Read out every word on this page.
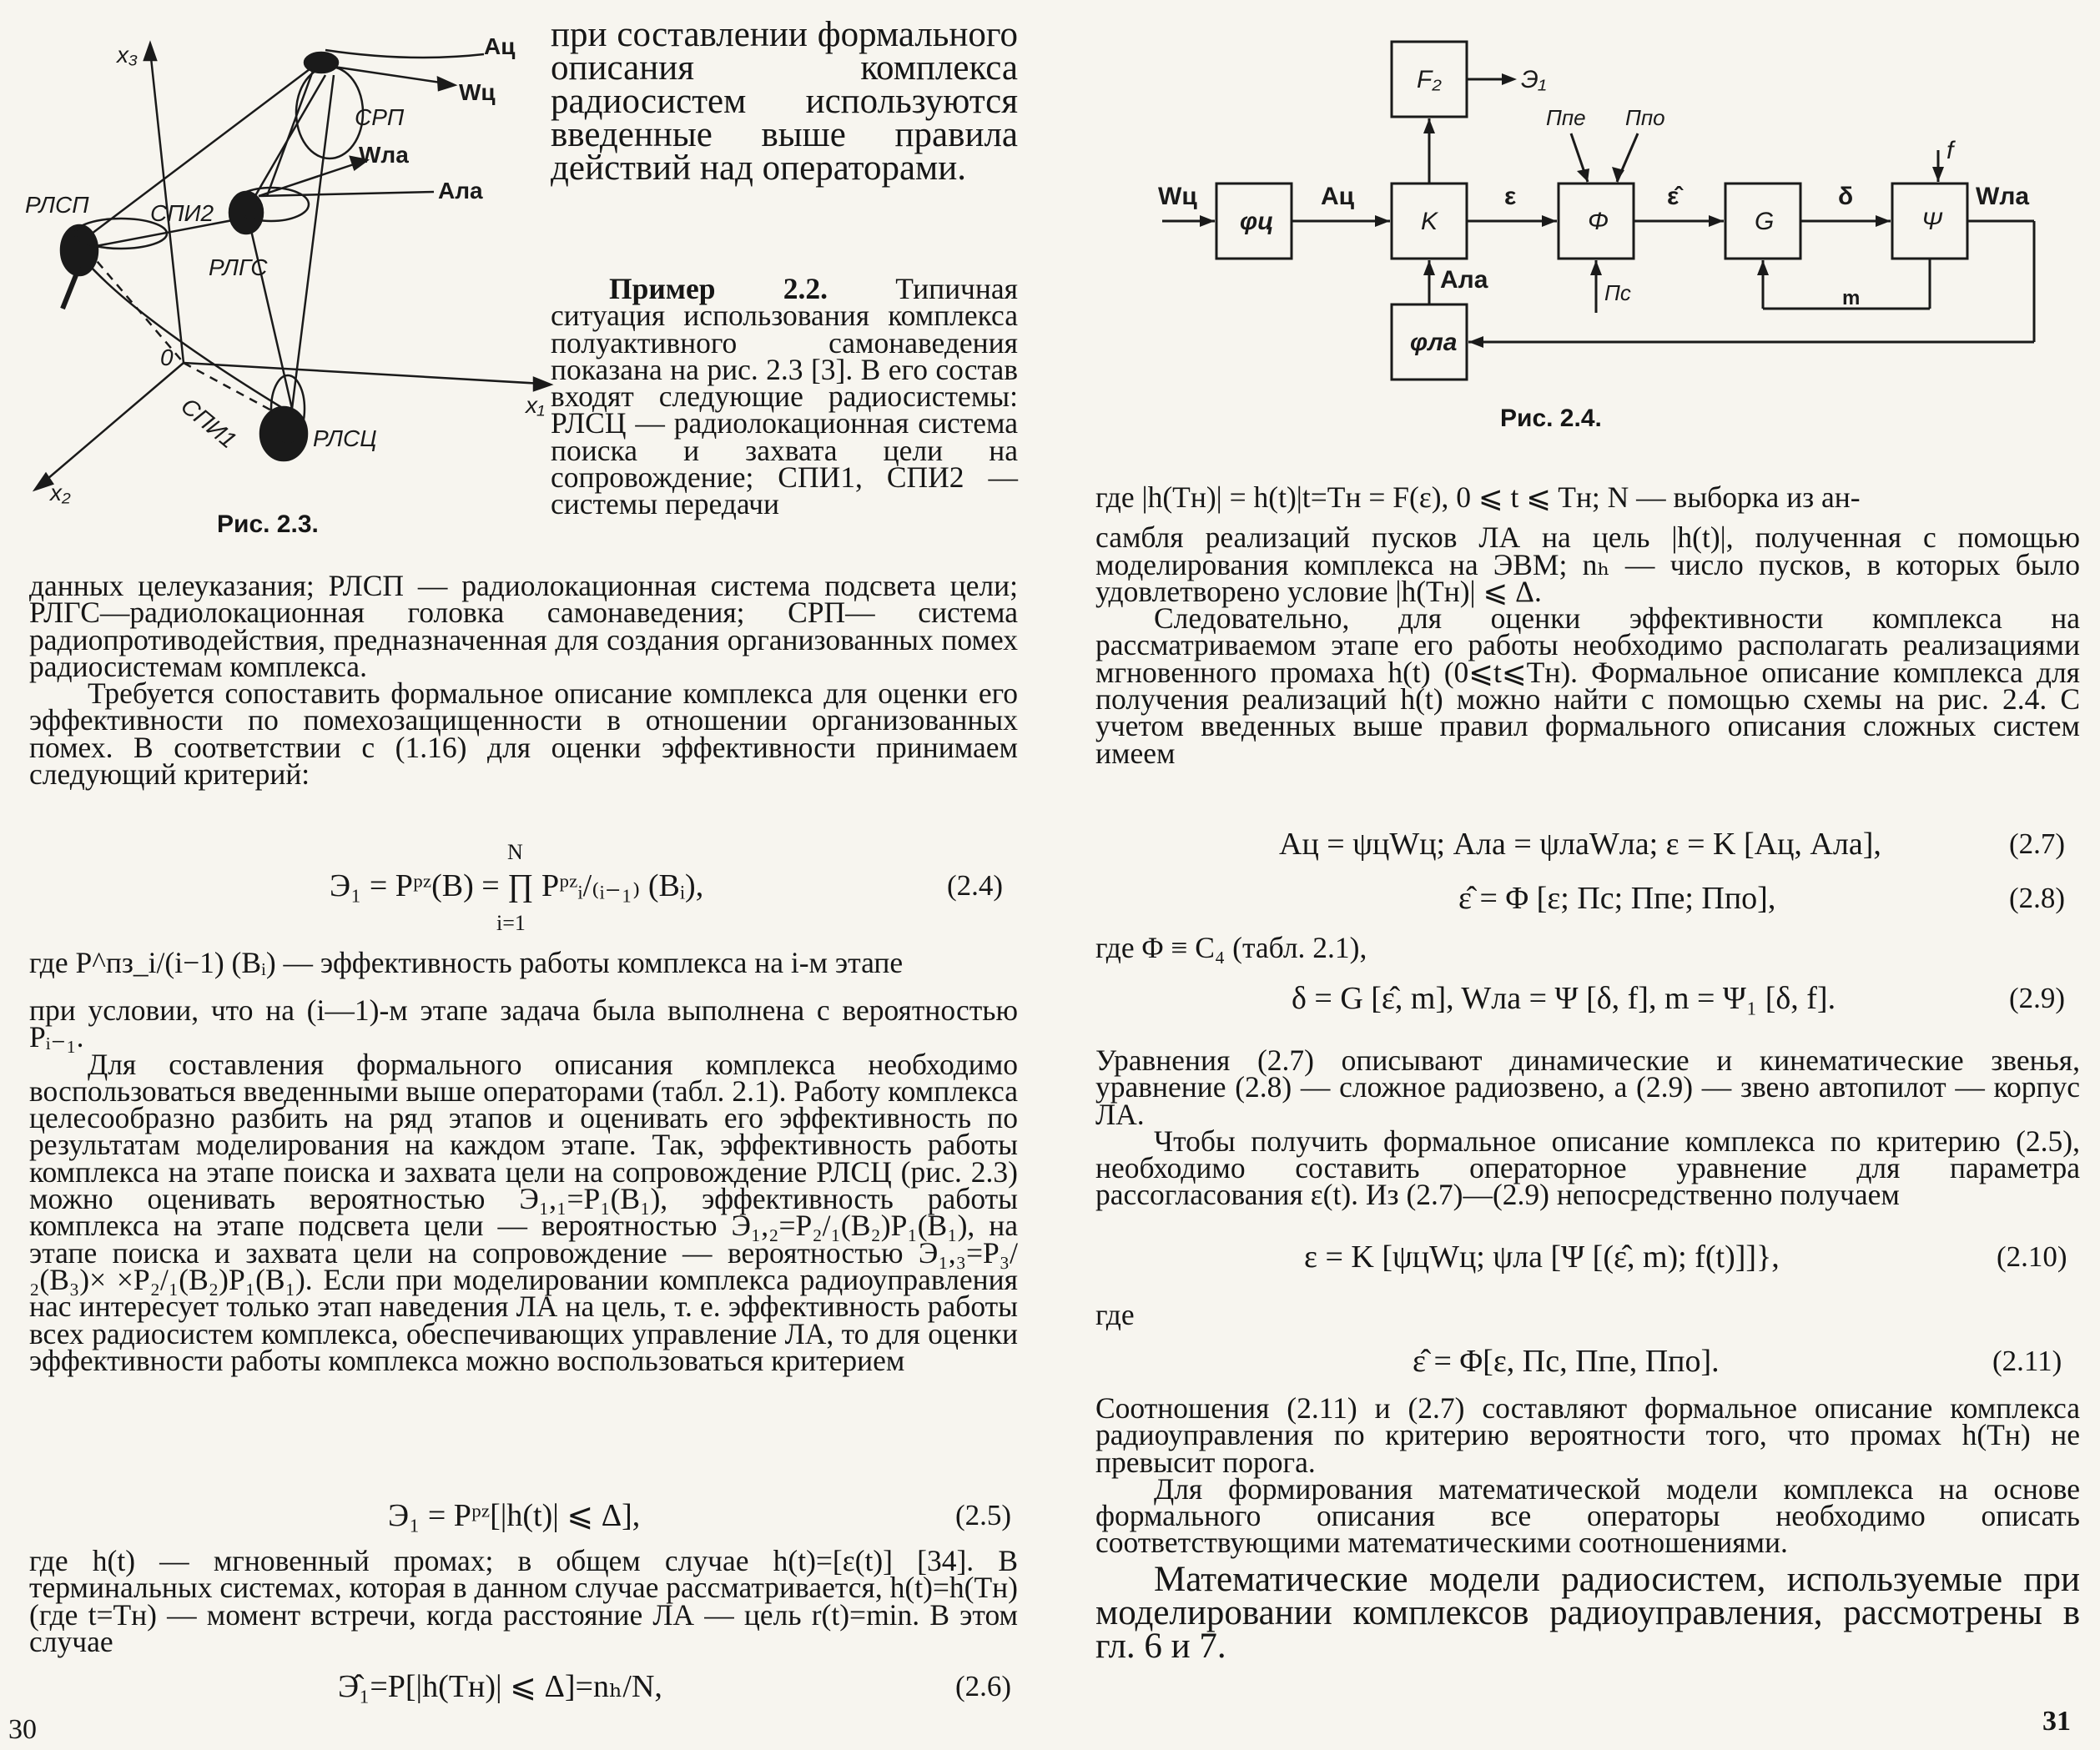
x₃
x₁
x₂
0
Aц
Wц
СРП
Wлa
Aлa
РЛСП	СПИ2
РЛГС
СПИ1	РЛСЦ
Рис. 2.3.
при составлении формального описания комплекса радиосистем используются введенные выше правила действий над операторами.
Пример 2.2. Типичная ситуация использования комплекса полуактивного самонаведения показана на рис. 2.3 [3]. В его состав входят следующие радиосистемы: РЛСЦ — радиолокационная система поиска и захвата цели на сопровождение; СПИ1, СПИ2 — системы передачи

данных целеуказания; РЛСП — радиолокационная система подсвета цели; РЛГС—радиолокационная головка самонаведения; СРП— система радиопротиводействия, предназначенная для создания организованных помех радиосистемам комплекса.

Требуется сопоставить формальное описание комплекса для оценки его эффективности по помехозащищенности в отношении организованных помех. В соответствии с (1.16) для оценки эффективности принимаем следующий критерий:

Э₁ = Pᵖᶻ(B) = ∏ Pᵖᶻᵢ/₍ᵢ₋₁₎ (Bᵢ),
N
i=1
(2.4)
где P^пз_i/(i−1) (Bᵢ) — эффективность работы комплекса на i-м этапе

при условии, что на (i—1)-м этапе задача была выполнена с вероятностью Pᵢ₋₁.

Для составления формального описания комплекса необходимо воспользоваться введенными выше операторами (табл. 2.1). Работу комплекса целесообразно разбить на ряд этапов и оценивать его эффективность по результатам моделирования на каждом этапе. Так, эффективность работы комплекса на этапе поиска и захвата цели на сопровождение РЛСЦ (рис. 2.3) можно оценивать вероятностью Э₁,₁=P₁(B₁), эффективность работы комплекса на этапе подсвета цели — вероятностью Э₁,₂=P₂/₁(B₂)P₁(B₁), на этапе поиска и захвата цели на сопровождение — вероятностью Э₁,₃=P₃/₂(B₃)× ×P₂/₁(B₂)P₁(B₁). Если при моделировании комплекса радиоуправления нас интересует только этап наведения ЛА на цель, т. е. эффективность работы всех радиосистем комплекса, обеспечивающих управление ЛА, то для оценки эффективности работы комплекса можно воспользоваться критерием

Э₁ = Pᵖᶻ[|h(t)| ⩽ Δ],	(2.5)
где h(t) — мгновенный промах; в общем случае h(t)=[ε(t)] [34]. В терминальных системах, которая в данном случае рассматривается, h(t)=h(Tн) (где t=Tн) — момент встречи, когда расстояние ЛА — цель r(t)=min. В этом случае
Э̂₁=P[|h(Tн)| ⩽ Δ]=nₕ/N,	(2.6)
30
φц	K
F₂
φлa
Φ	G	Ψ
Wц	Aц	ε	ε̂	δ	Wлa
Aлa
m
f
Э₁
Ппе Ппо
Пс
Рис. 2.4.

где |h(Tн)| = h(t)|t=Tн = F(ε), 0 ⩽ t ⩽ Tн; N — выборка из ан-

самбля реализаций пусков ЛА на цель |h(t)|, полученная с помощью моделирования комплекса на ЭВМ; nₕ — число пусков, в которых было удовлетворено условие |h(Tн)| ⩽ Δ.

Следовательно, для оценки эффективности комплекса на рассматриваемом этапе его работы необходимо располагать реализациями мгновенного промаха h(t) (0⩽t⩽Tн). Формальное описание комплекса для получения реализаций h(t) можно найти с помощью схемы на рис. 2.4. С учетом введенных выше правил формального описания сложных систем имеем

Aц = ψцWц; Aлa = ψлaWлa; ε = K [Aц, Aлa],	(2.7)
ε̂ = Φ [ε; Пс; Ппе; Ппо],	(2.8)
где Φ ≡ C₄ (табл. 2.1),
δ = G [ε̂, m], Wлa = Ψ [δ, f], m = Ψ₁ [δ, f].	(2.9)

Уравнения (2.7) описывают динамические и кинематические звенья, уравнение (2.8) — сложное радиозвено, а (2.9) — звено автопилот — корпус ЛА.

Чтобы получить формальное описание комплекса по критерию (2.5), необходимо составить операторное уравнение для параметра рассогласования ε(t). Из (2.7)—(2.9) непосредственно получаем

ε = K [ψцWц; ψлa [Ψ [(ε̂, m); f(t)]]},	(2.10)
где
ε̂ = Φ[ε, Пс, Ппе, Ппо].	(2.11)

Соотношения (2.11) и (2.7) составляют формальное описание комплекса радиоуправления по критерию вероятности того, что промах h(Tн) не превысит порога.

Для формирования математической модели комплекса на основе формального описания все операторы необходимо описать соответствующими математическими соотношениями.

Математические модели радиосистем, используемые при моделировании комплексов радиоуправления, рассмотрены в гл. 6 и 7.

31
